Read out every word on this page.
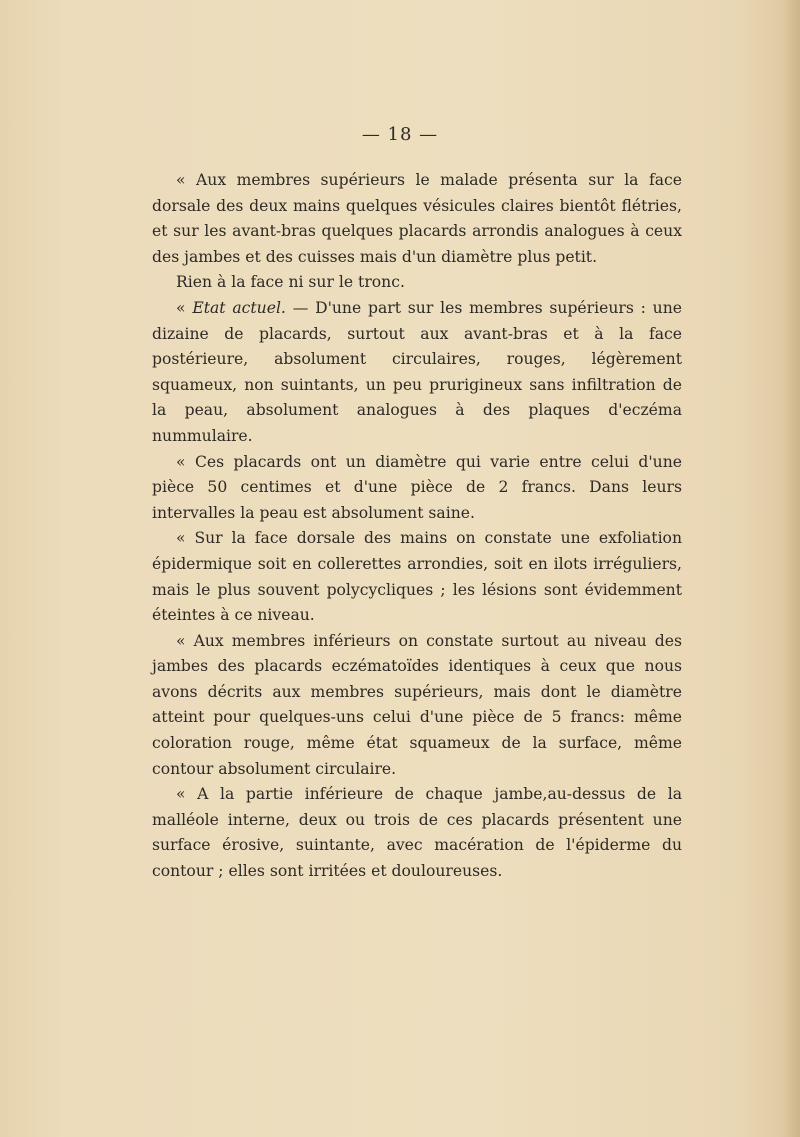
— 18 —

« Aux membres supérieurs le malade présenta sur la face dorsale des deux mains quelques vésicules claires bientôt flétries, et sur les avant-bras quelques placards arrondis analogues à ceux des jambes et des cuisses mais d'un diamètre plus petit.

Rien à la face ni sur le tronc.

« Etat actuel. — D'une part sur les membres supérieurs : une dizaine de placards, surtout aux avant-bras et à la face postérieure, absolument circulaires, rouges, légèrement squameux, non suintants, un peu prurigineux sans infiltration de la peau, absolument analogues à des plaques d'eczéma nummulaire.

« Ces placards ont un diamètre qui varie entre celui d'une pièce 50 centimes et d'une pièce de 2 francs. Dans leurs intervalles la peau est absolument saine.

« Sur la face dorsale des mains on constate une exfoliation épidermique soit en collerettes arrondies, soit en ilots irréguliers, mais le plus souvent polycycliques ; les lésions sont évidemment éteintes à ce niveau.

« Aux membres inférieurs on constate surtout au niveau des jambes des placards eczématoïdes identiques à ceux que nous avons décrits aux membres supérieurs, mais dont le diamètre atteint pour quelques-uns celui d'une pièce de 5 francs: même coloration rouge, même état squameux de la surface, même contour absolument circulaire.

« A la partie inférieure de chaque jambe,au-dessus de la malléole interne, deux ou trois de ces placards présentent une surface érosive, suintante, avec macération de l'épiderme du contour ; elles sont irritées et douloureuses.
